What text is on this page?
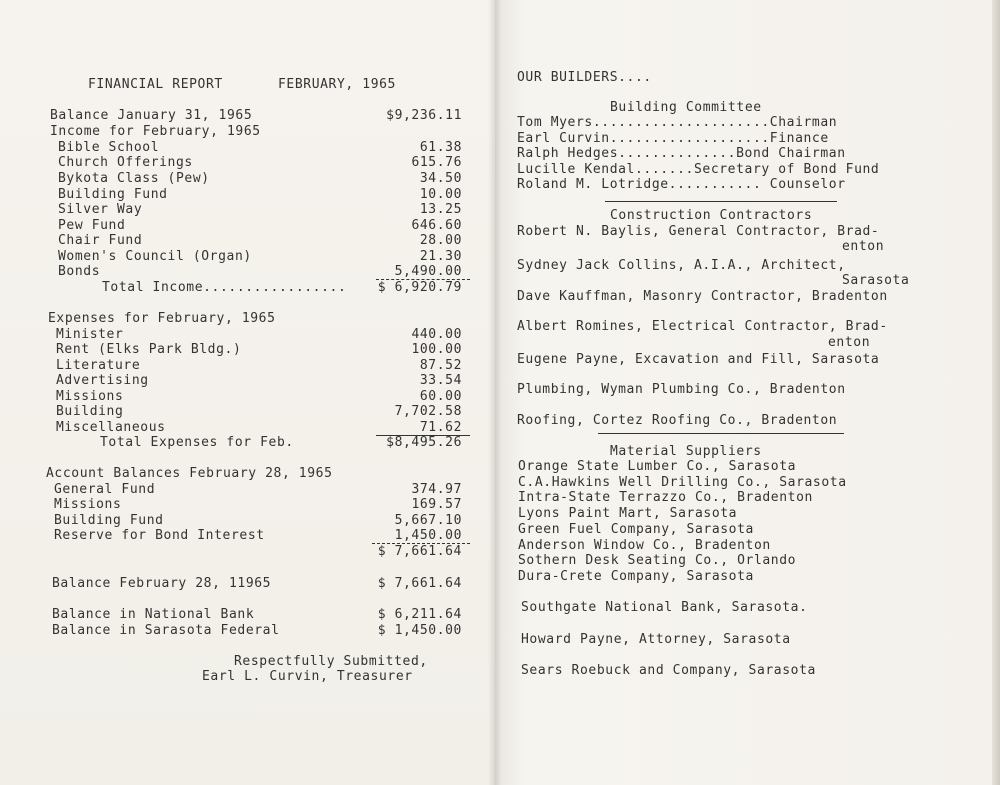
FINANCIAL REPORT	FEBRUARY, 1965
Balance January 31, 1965	$9,236.11
Income for February, 1965
Bible School	61.38
Church Offerings	615.76
Bykota Class (Pew)	34.50
Building Fund	10.00
Silver Way	13.25
Pew Fund	646.60
Chair Fund	28.00
Women's Council (Organ)	21.30
Bonds	5,490.00
Total Income.................	$ 6,920.79
Expenses for February, 1965
Minister	440.00
Rent (Elks Park Bldg.)	100.00
Literature	87.52
Advertising	33.54
Missions	60.00
Building	7,702.58
Miscellaneous	71.62
Total Expenses for Feb.	$8,495.26
Account Balances February 28, 1965
General Fund	374.97
Missions	169.57
Building Fund	5,667.10
Reserve for Bond Interest	1,450.00
$ 7,661.64
Balance February 28, 11965	$ 7,661.64
Balance in National Bank	$ 6,211.64
Balance in Sarasota Federal	$ 1,450.00
Respectfully Submitted,
Earl L. Curvin, Treasurer
OUR BUILDERS....
Building Committee
Tom Myers.....................Chairman
Earl Curvin...................Finance
Ralph Hedges..............Bond Chairman
Lucille Kendal.......Secretary of Bond Fund
Roland M. Lotridge........... Counselor
Construction Contractors
Robert N. Baylis, General Contractor, Brad-
enton
Sydney Jack Collins, A.I.A., Architect,
Sarasota
Dave Kauffman, Masonry Contractor, Bradenton
Albert Romines, Electrical Contractor, Brad-
enton
Eugene Payne, Excavation and Fill, Sarasota
Plumbing, Wyman Plumbing Co., Bradenton
Roofing, Cortez Roofing Co., Bradenton
Material Suppliers
Orange State Lumber Co., Sarasota
C.A.Hawkins Well Drilling Co., Sarasota
Intra-State Terrazzo Co., Bradenton
Lyons Paint Mart, Sarasota
Green Fuel Company, Sarasota
Anderson Window Co., Bradenton
Sothern Desk Seating Co., Orlando
Dura-Crete Company, Sarasota
Southgate National Bank, Sarasota.
Howard Payne, Attorney, Sarasota
Sears Roebuck and Company, Sarasota
